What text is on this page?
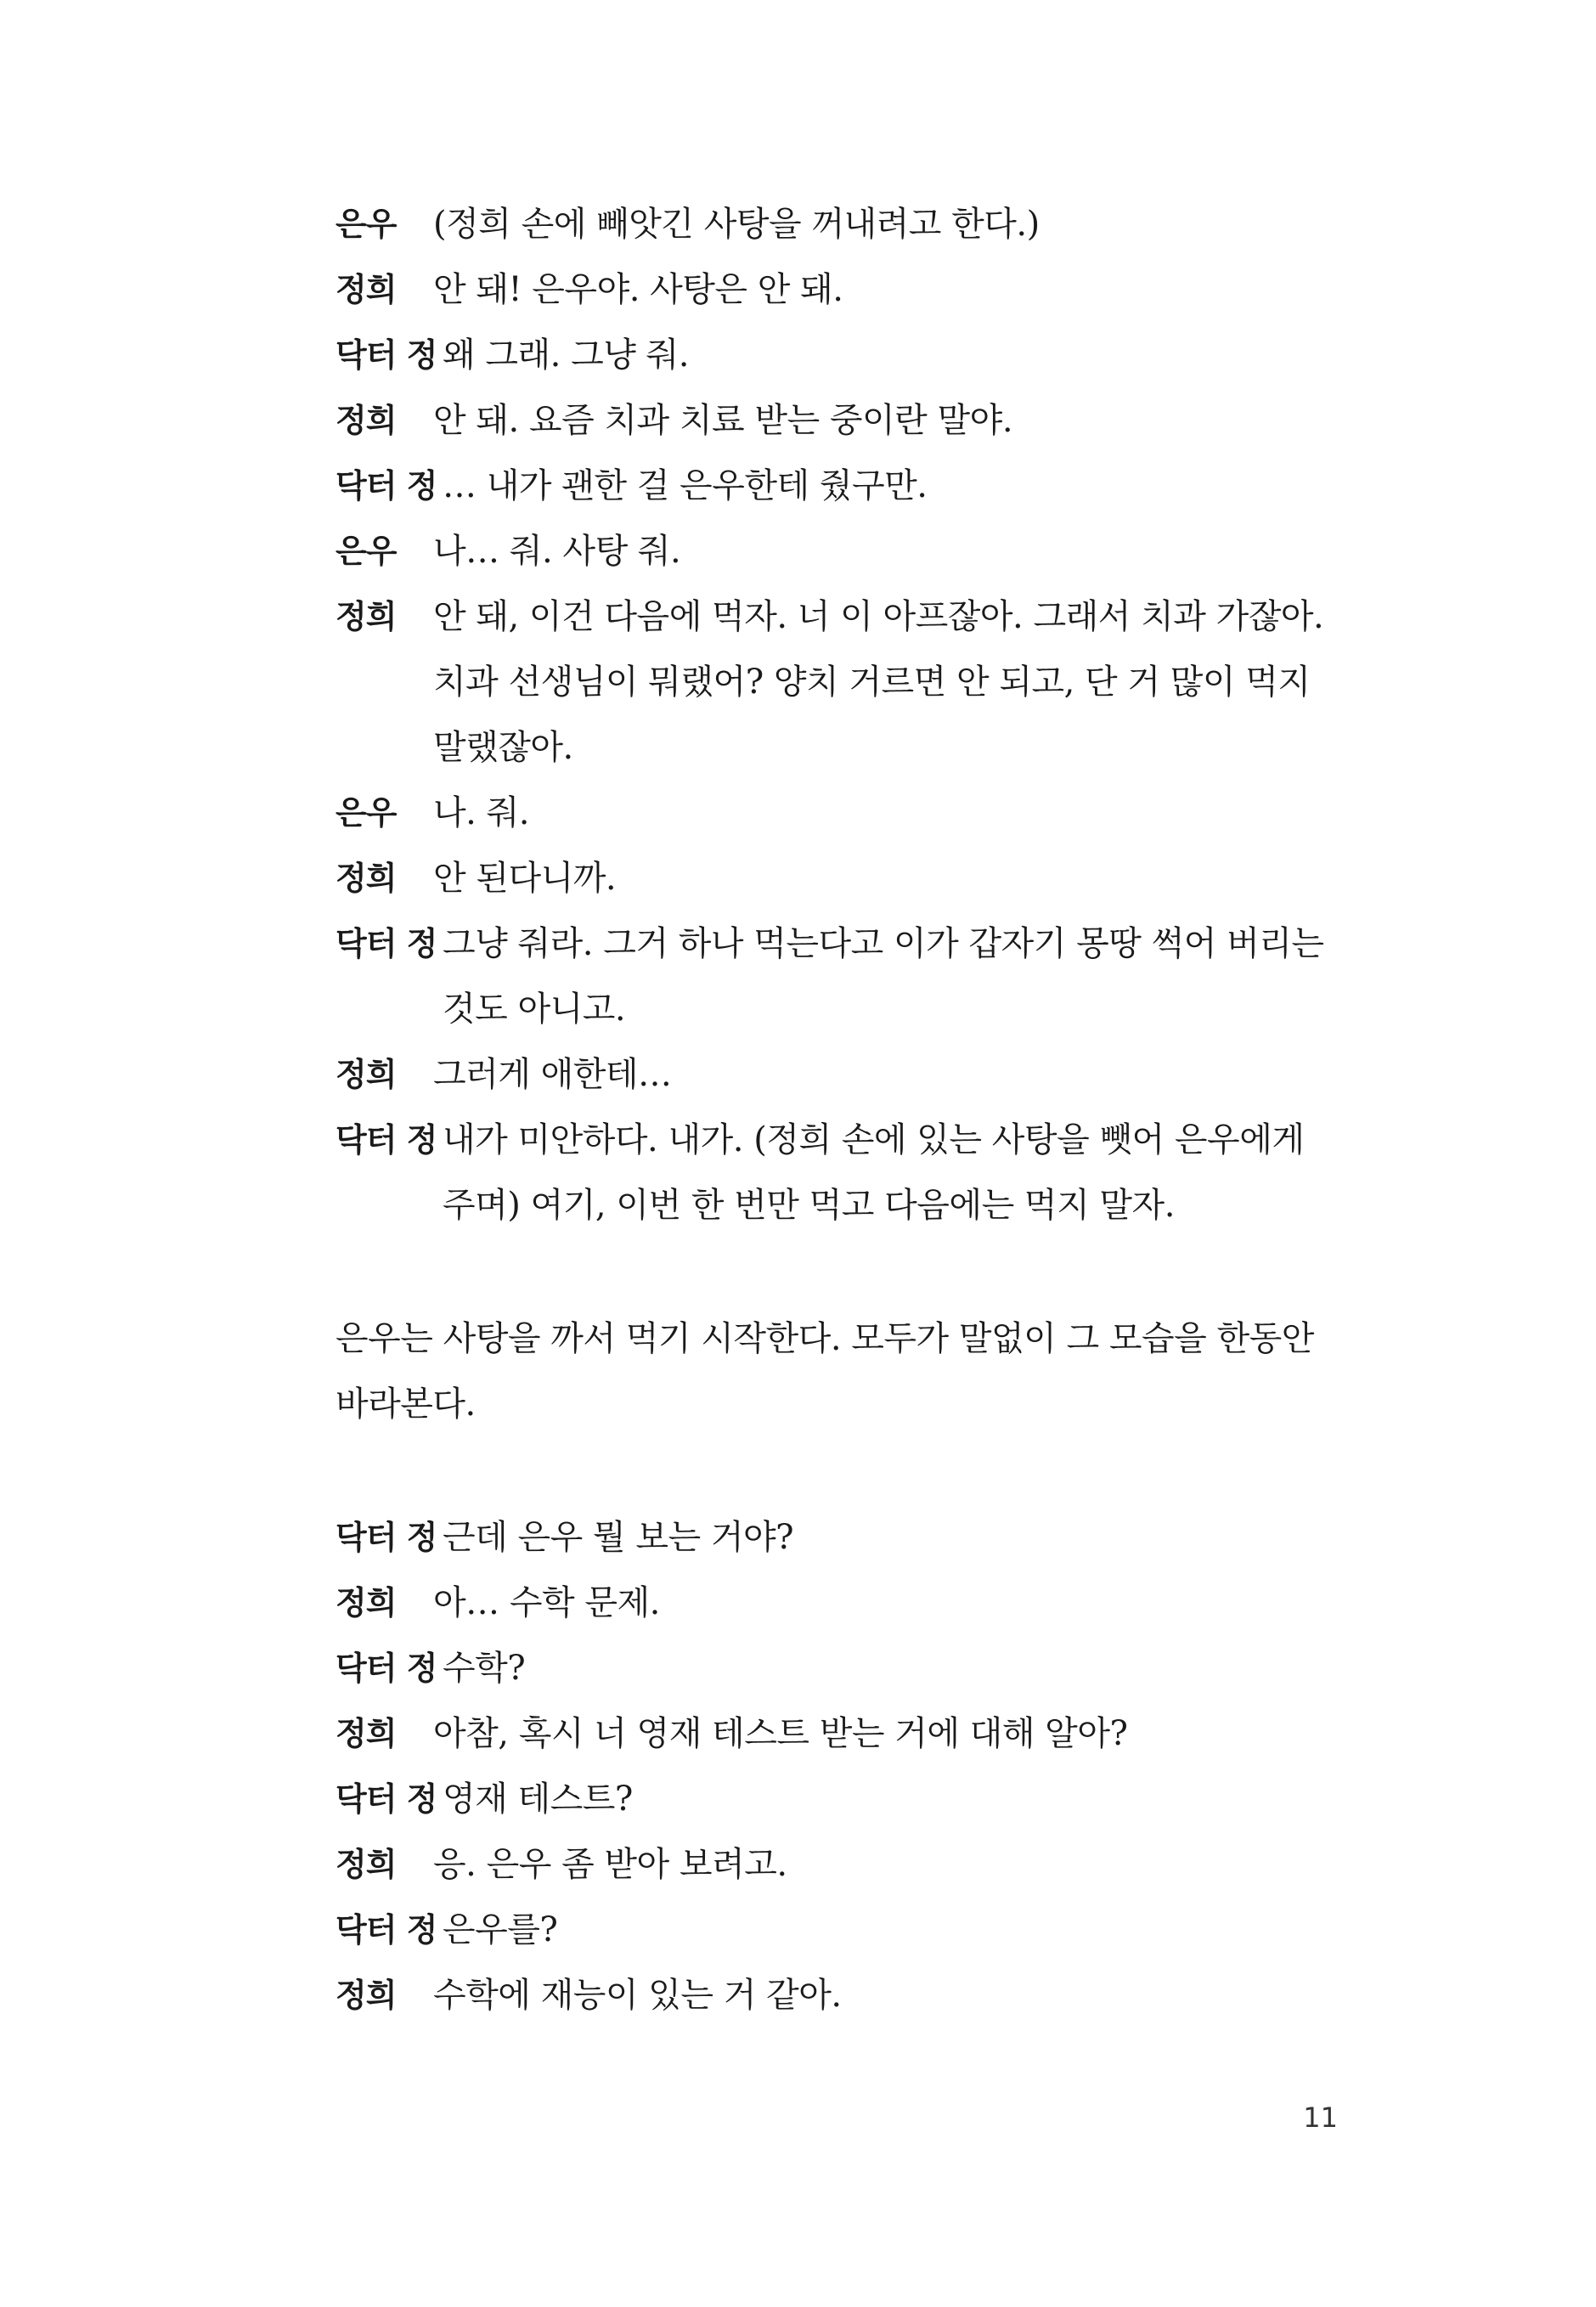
은우	(정희 손에 빼앗긴 사탕을 꺼내려고 한다.)
정희	안 돼! 은우야. 사탕은 안 돼.
닥터 정 왜 그래. 그냥 줘.
정희	안 돼. 요즘 치과 치료 받는 중이란 말야.
닥터 정 … 내가 괜한 걸 은우한테 줬구만.
은우	나… 줘. 사탕 줘.
정희	안 돼, 이건 다음에 먹자. 너 이 아프잖아. 그래서 치과 가잖아. 치과 선생님이 뭐랬어? 양치 거르면 안 되고, 단 거 많이 먹지 말랬잖아.
은우	나. 줘.
정희	안 된다니까.
닥터 정 그냥 줘라. 그거 하나 먹는다고 이가 갑자기 몽땅 썩어 버리는 것도 아니고.
정희	그러게 애한테…
닥터 정 내가 미안하다. 내가. (정희 손에 있는 사탕을 뺏어 은우에게 주며) 여기, 이번 한 번만 먹고 다음에는 먹지 말자.
은우는 사탕을 까서 먹기 시작한다. 모두가 말없이 그 모습을 한동안 바라본다.
닥터 정 근데 은우 뭘 보는 거야?
정희	아… 수학 문제.
닥터 정 수학?
정희	아참, 혹시 너 영재 테스트 받는 거에 대해 알아?
닥터 정 영재 테스트?
정희	응. 은우 좀 받아 보려고.
닥터 정 은우를?
정희	수학에 재능이 있는 거 같아.
11
